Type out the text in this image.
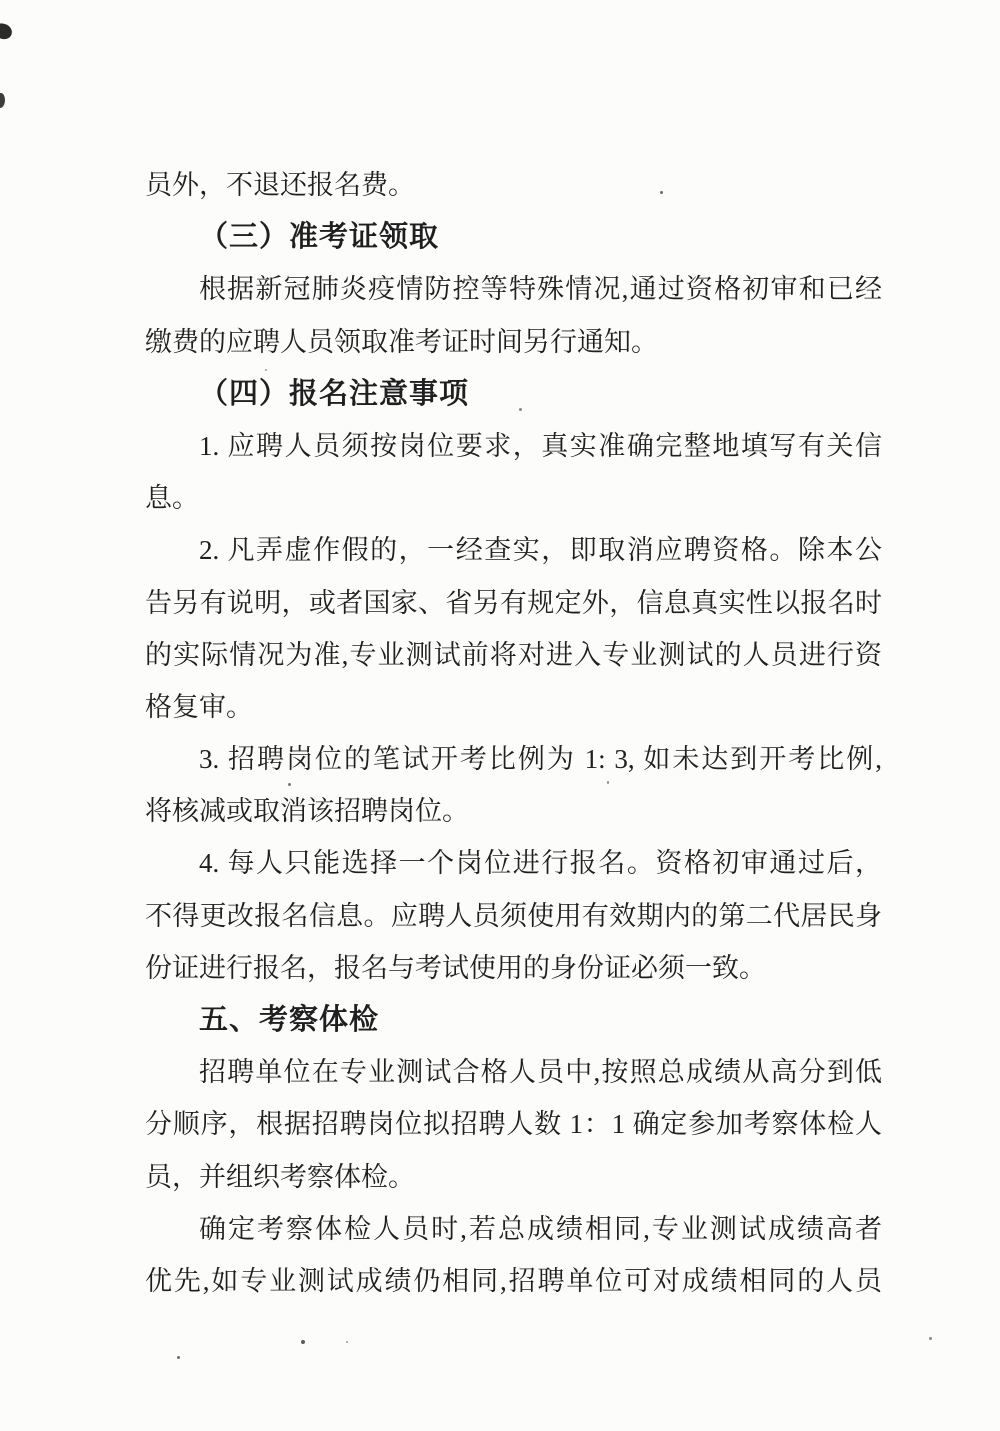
员外，不退还报名费。
（三）准考证领取
根据新冠肺炎疫情防控等特殊情况,通过资格初审和已经
缴费的应聘人员领取准考证时间另行通知。
（四）报名注意事项
1. 应聘人员须按岗位要求，真实准确完整地填写有关信
息。
2. 凡弄虚作假的，一经查实，即取消应聘资格。除本公
告另有说明，或者国家、省另有规定外，信息真实性以报名时
的实际情况为准,专业测试前将对进入专业测试的人员进行资
格复审。
3. 招聘岗位的笔试开考比例为 1: 3, 如未达到开考比例,
将核减或取消该招聘岗位。
4. 每人只能选择一个岗位进行报名。资格初审通过后，
不得更改报名信息。应聘人员须使用有效期内的第二代居民身
份证进行报名，报名与考试使用的身份证必须一致。
五、考察体检
招聘单位在专业测试合格人员中,按照总成绩从高分到低
分顺序，根据招聘岗位拟招聘人数 1：1 确定参加考察体检人
员，并组织考察体检。
确定考察体检人员时,若总成绩相同,专业测试成绩高者
优先,如专业测试成绩仍相同,招聘单位可对成绩相同的人员
